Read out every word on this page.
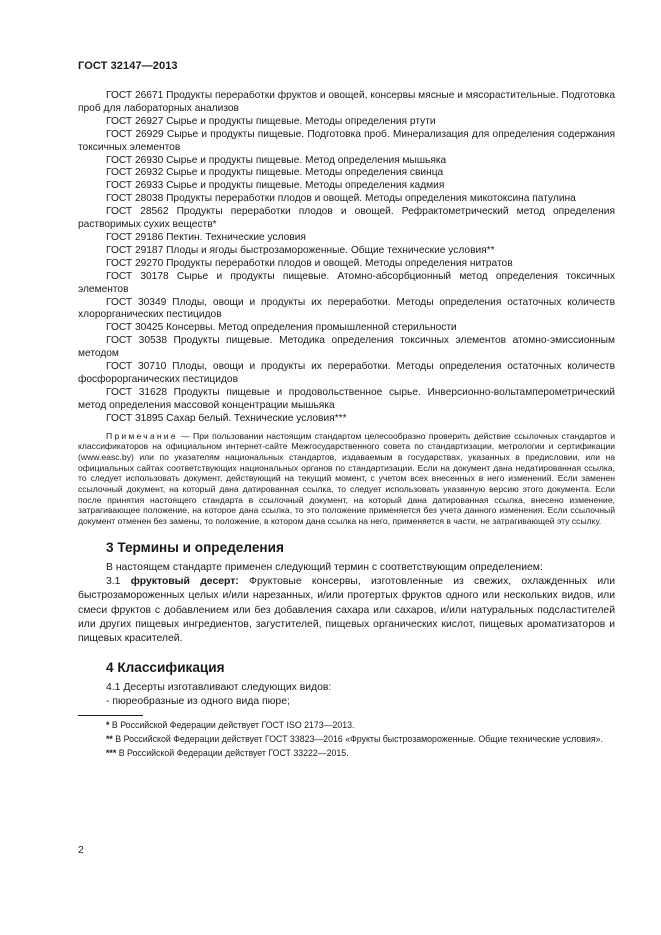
ГОСТ 32147—2013

ГОСТ 26671 Продукты переработки фруктов и овощей, консервы мясные и мясорастительные. Подготовка проб для лабораторных анализов

ГОСТ 26927 Сырье и продукты пищевые. Методы определения ртути

ГОСТ 26929 Сырье и продукты пищевые. Подготовка проб. Минерализация для определения содержания токсичных элементов

ГОСТ 26930 Сырье и продукты пищевые. Метод определения мышьяка

ГОСТ 26932 Сырье и продукты пищевые. Методы определения свинца

ГОСТ 26933 Сырье и продукты пищевые. Методы определения кадмия

ГОСТ 28038 Продукты переработки плодов и овощей. Методы определения микотоксина патулина

ГОСТ 28562 Продукты переработки плодов и овощей. Рефрактометрический метод определения растворимых сухих веществ*

ГОСТ 29186 Пектин. Технические условия

ГОСТ 29187 Плоды и ягоды быстрозамороженные. Общие технические условия**

ГОСТ 29270 Продукты переработки плодов и овощей. Методы определения нитратов

ГОСТ 30178 Сырье и продукты пищевые. Атомно-абсорбционный метод определения токсичных элементов

ГОСТ 30349 Плоды, овощи и продукты их переработки. Методы определения остаточных количеств хлорорганических пестицидов

ГОСТ 30425 Консервы. Метод определения промышленной стерильности

ГОСТ 30538 Продукты пищевые. Методика определения токсичных элементов атомно-эмиссионным методом

ГОСТ 30710 Плоды, овощи и продукты их переработки. Методы определения остаточных количеств фосфорорганических пестицидов

ГОСТ 31628 Продукты пищевые и продовольственное сырье. Инверсионно-вольтамперометрический метод определения массовой концентрации мышьяка

ГОСТ 31895 Сахар белый. Технические условия***

Примечание — При пользовании настоящим стандартом целесообразно проверить действие ссылочных стандартов и классификаторов на официальном интернет-сайте Межгосударственного совета по стандартизации, метрологии и сертификации (www.easc.by) или по указателям национальных стандартов, издаваемым в государствах, указанных в предисловии, или на официальных сайтах соответствующих национальных органов по стандартизации. Если на документ дана недатированная ссылка, то следует использовать документ, действующий на текущий момент, с учетом всех внесенных в него изменений. Если заменен ссылочный документ, на который дана датированная ссылка, то следует использовать указанную версию этого документа. Если после принятия настоящего стандарта в ссылочный документ, на который дана датированная ссылка, внесено изменение, затрагивающее положение, на которое дана ссылка, то это положение применяется без учета данного изменения. Если ссылочный документ отменен без замены, то положение, в котором дана ссылка на него, применяется в части, не затрагивающей эту ссылку.

3 Термины и определения

В настоящем стандарте применен следующий термин с соответствующим определением:

3.1 фруктовый десерт: Фруктовые консервы, изготовленные из свежих, охлажденных или быстрозамороженных целых и/или нарезанных, и/или протертых фруктов одного или нескольких видов, или смеси фруктов с добавлением или без добавления сахара или сахаров, и/или натуральных подсластителей или других пищевых ингредиентов, загустителей, пищевых органических кислот, пищевых ароматизаторов и пищевых красителей.

4 Классификация

4.1 Десерты изготавливают следующих видов:

- пюреобразные из одного вида пюре;

* В Российской Федерации действует ГОСТ ISO 2173—2013.

** В Российской Федерации действует ГОСТ 33823—2016 «Фрукты быстрозамороженные. Общие технические условия».

*** В Российской Федерации действует ГОСТ 33222—2015.

2
